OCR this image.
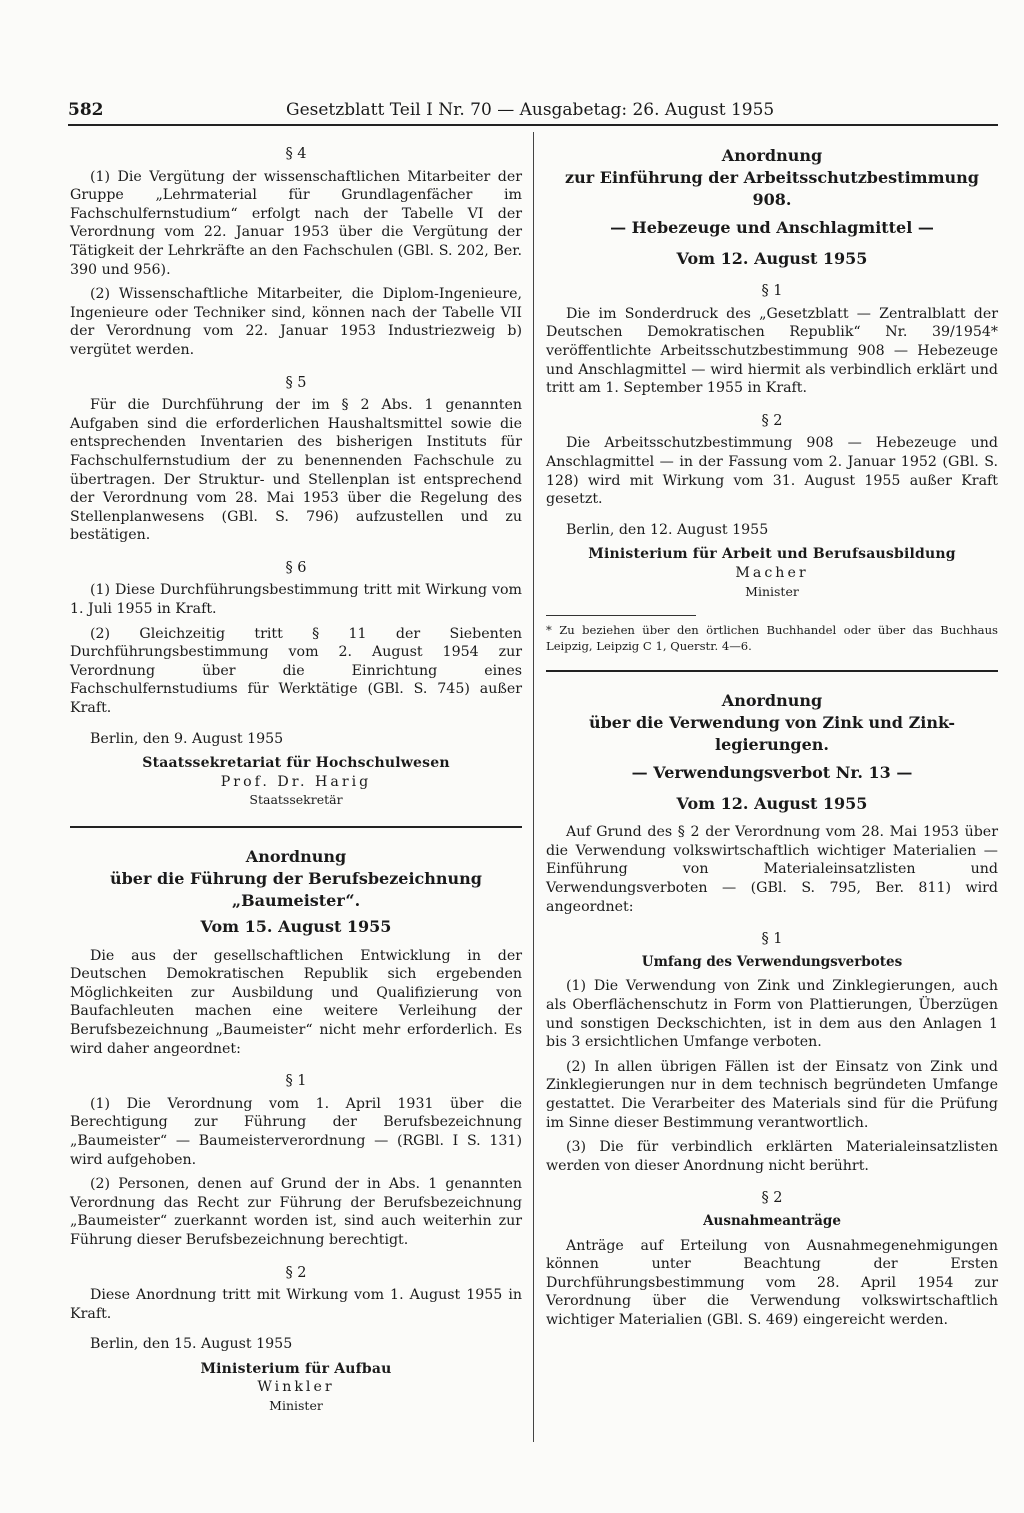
582	Gesetzblatt Teil I Nr. 70 — Ausgabetag: 26. August 1955
§ 4

(1) Die Vergütung der wissenschaftlichen Mitarbeiter der Gruppe „Lehrmaterial für Grundlagenfächer im Fachschulfernstudium“ erfolgt nach der Tabelle VI der Verordnung vom 22. Januar 1953 über die Vergütung der Tätigkeit der Lehrkräfte an den Fachschulen (GBl. S. 202, Ber. 390 und 956).

(2) Wissenschaftliche Mitarbeiter, die Diplom-Ingenieure, Ingenieure oder Techniker sind, können nach der Tabelle VII der Verordnung vom 22. Januar 1953 Industriezweig b) vergütet werden.

§ 5

Für die Durchführung der im § 2 Abs. 1 genannten Aufgaben sind die erforderlichen Haushaltsmittel sowie die entsprechenden Inventarien des bisherigen Instituts für Fachschulfernstudium der zu benennenden Fachschule zu übertragen. Der Struktur- und Stellenplan ist entsprechend der Verordnung vom 28. Mai 1953 über die Regelung des Stellenplanwesens (GBl. S. 796) aufzustellen und zu bestätigen.

§ 6

(1) Diese Durchführungsbestimmung tritt mit Wirkung vom 1. Juli 1955 in Kraft.

(2) Gleichzeitig tritt § 11 der Siebenten Durchführungsbestimmung vom 2. August 1954 zur Verordnung über die Einrichtung eines Fachschulfernstudiums für Werktätige (GBl. S. 745) außer Kraft.

Berlin, den 9. August 1955
Staatssekretariat für Hochschulwesen
Prof. Dr. Harig
Staatssekretär
Anordnung
über die Führung der Berufsbezeichnung
„Baumeister“.
Vom 15. August 1955

Die aus der gesellschaftlichen Entwicklung in der Deutschen Demokratischen Republik sich ergebenden Möglichkeiten zur Ausbildung und Qualifizierung von Baufachleuten machen eine weitere Verleihung der Berufsbezeichnung „Baumeister“ nicht mehr erforderlich. Es wird daher angeordnet:

§ 1

(1) Die Verordnung vom 1. April 1931 über die Berechtigung zur Führung der Berufsbezeichnung „Baumeister“ — Baumeisterverordnung — (RGBl. I S. 131) wird aufgehoben.

(2) Personen, denen auf Grund der in Abs. 1 genannten Verordnung das Recht zur Führung der Berufsbezeichnung „Baumeister“ zuerkannt worden ist, sind auch weiterhin zur Führung dieser Berufsbezeichnung berechtigt.

§ 2

Diese Anordnung tritt mit Wirkung vom 1. August 1955 in Kraft.

Berlin, den 15. August 1955
Ministerium für Aufbau
Winkler
Minister
Anordnung
zur Einführung der Arbeitsschutzbestimmung 908.
— Hebezeuge und Anschlagmittel —
Vom 12. August 1955
§ 1

Die im Sonderdruck des „Gesetzblatt — Zentralblatt der Deutschen Demokratischen Republik“ Nr. 39/1954* veröffentlichte Arbeitsschutzbestimmung 908 — Hebezeuge und Anschlagmittel — wird hiermit als verbindlich erklärt und tritt am 1. September 1955 in Kraft.

§ 2

Die Arbeitsschutzbestimmung 908 — Hebezeuge und Anschlagmittel — in der Fassung vom 2. Januar 1952 (GBl. S. 128) wird mit Wirkung vom 31. August 1955 außer Kraft gesetzt.

Berlin, den 12. August 1955
Ministerium für Arbeit und Berufsausbildung
Macher
Minister

* Zu beziehen über den örtlichen Buchhandel oder über das Buchhaus Leipzig, Leipzig C 1, Querstr. 4—6.

Anordnung
über die Verwendung von Zink und Zink-
legierungen.
— Verwendungsverbot Nr. 13 —
Vom 12. August 1955

Auf Grund des § 2 der Verordnung vom 28. Mai 1953 über die Verwendung volkswirtschaftlich wichtiger Materialien — Einführung von Materialeinsatzlisten und Verwendungsverboten — (GBl. S. 795, Ber. 811) wird angeordnet:

§ 1
Umfang des Verwendungsverbotes

(1) Die Verwendung von Zink und Zinklegierungen, auch als Oberflächenschutz in Form von Plattierungen, Überzügen und sonstigen Deckschichten, ist in dem aus den Anlagen 1 bis 3 ersichtlichen Umfange verboten.

(2) In allen übrigen Fällen ist der Einsatz von Zink und Zinklegierungen nur in dem technisch begründeten Umfange gestattet. Die Verarbeiter des Materials sind für die Prüfung im Sinne dieser Bestimmung verantwortlich.

(3) Die für verbindlich erklärten Materialeinsatzlisten werden von dieser Anordnung nicht berührt.

§ 2
Ausnahmeanträge

Anträge auf Erteilung von Ausnahmegenehmigungen können unter Beachtung der Ersten Durchführungsbestimmung vom 28. April 1954 zur Verordnung über die Verwendung volkswirtschaftlich wichtiger Materialien (GBl. S. 469) eingereicht werden.
